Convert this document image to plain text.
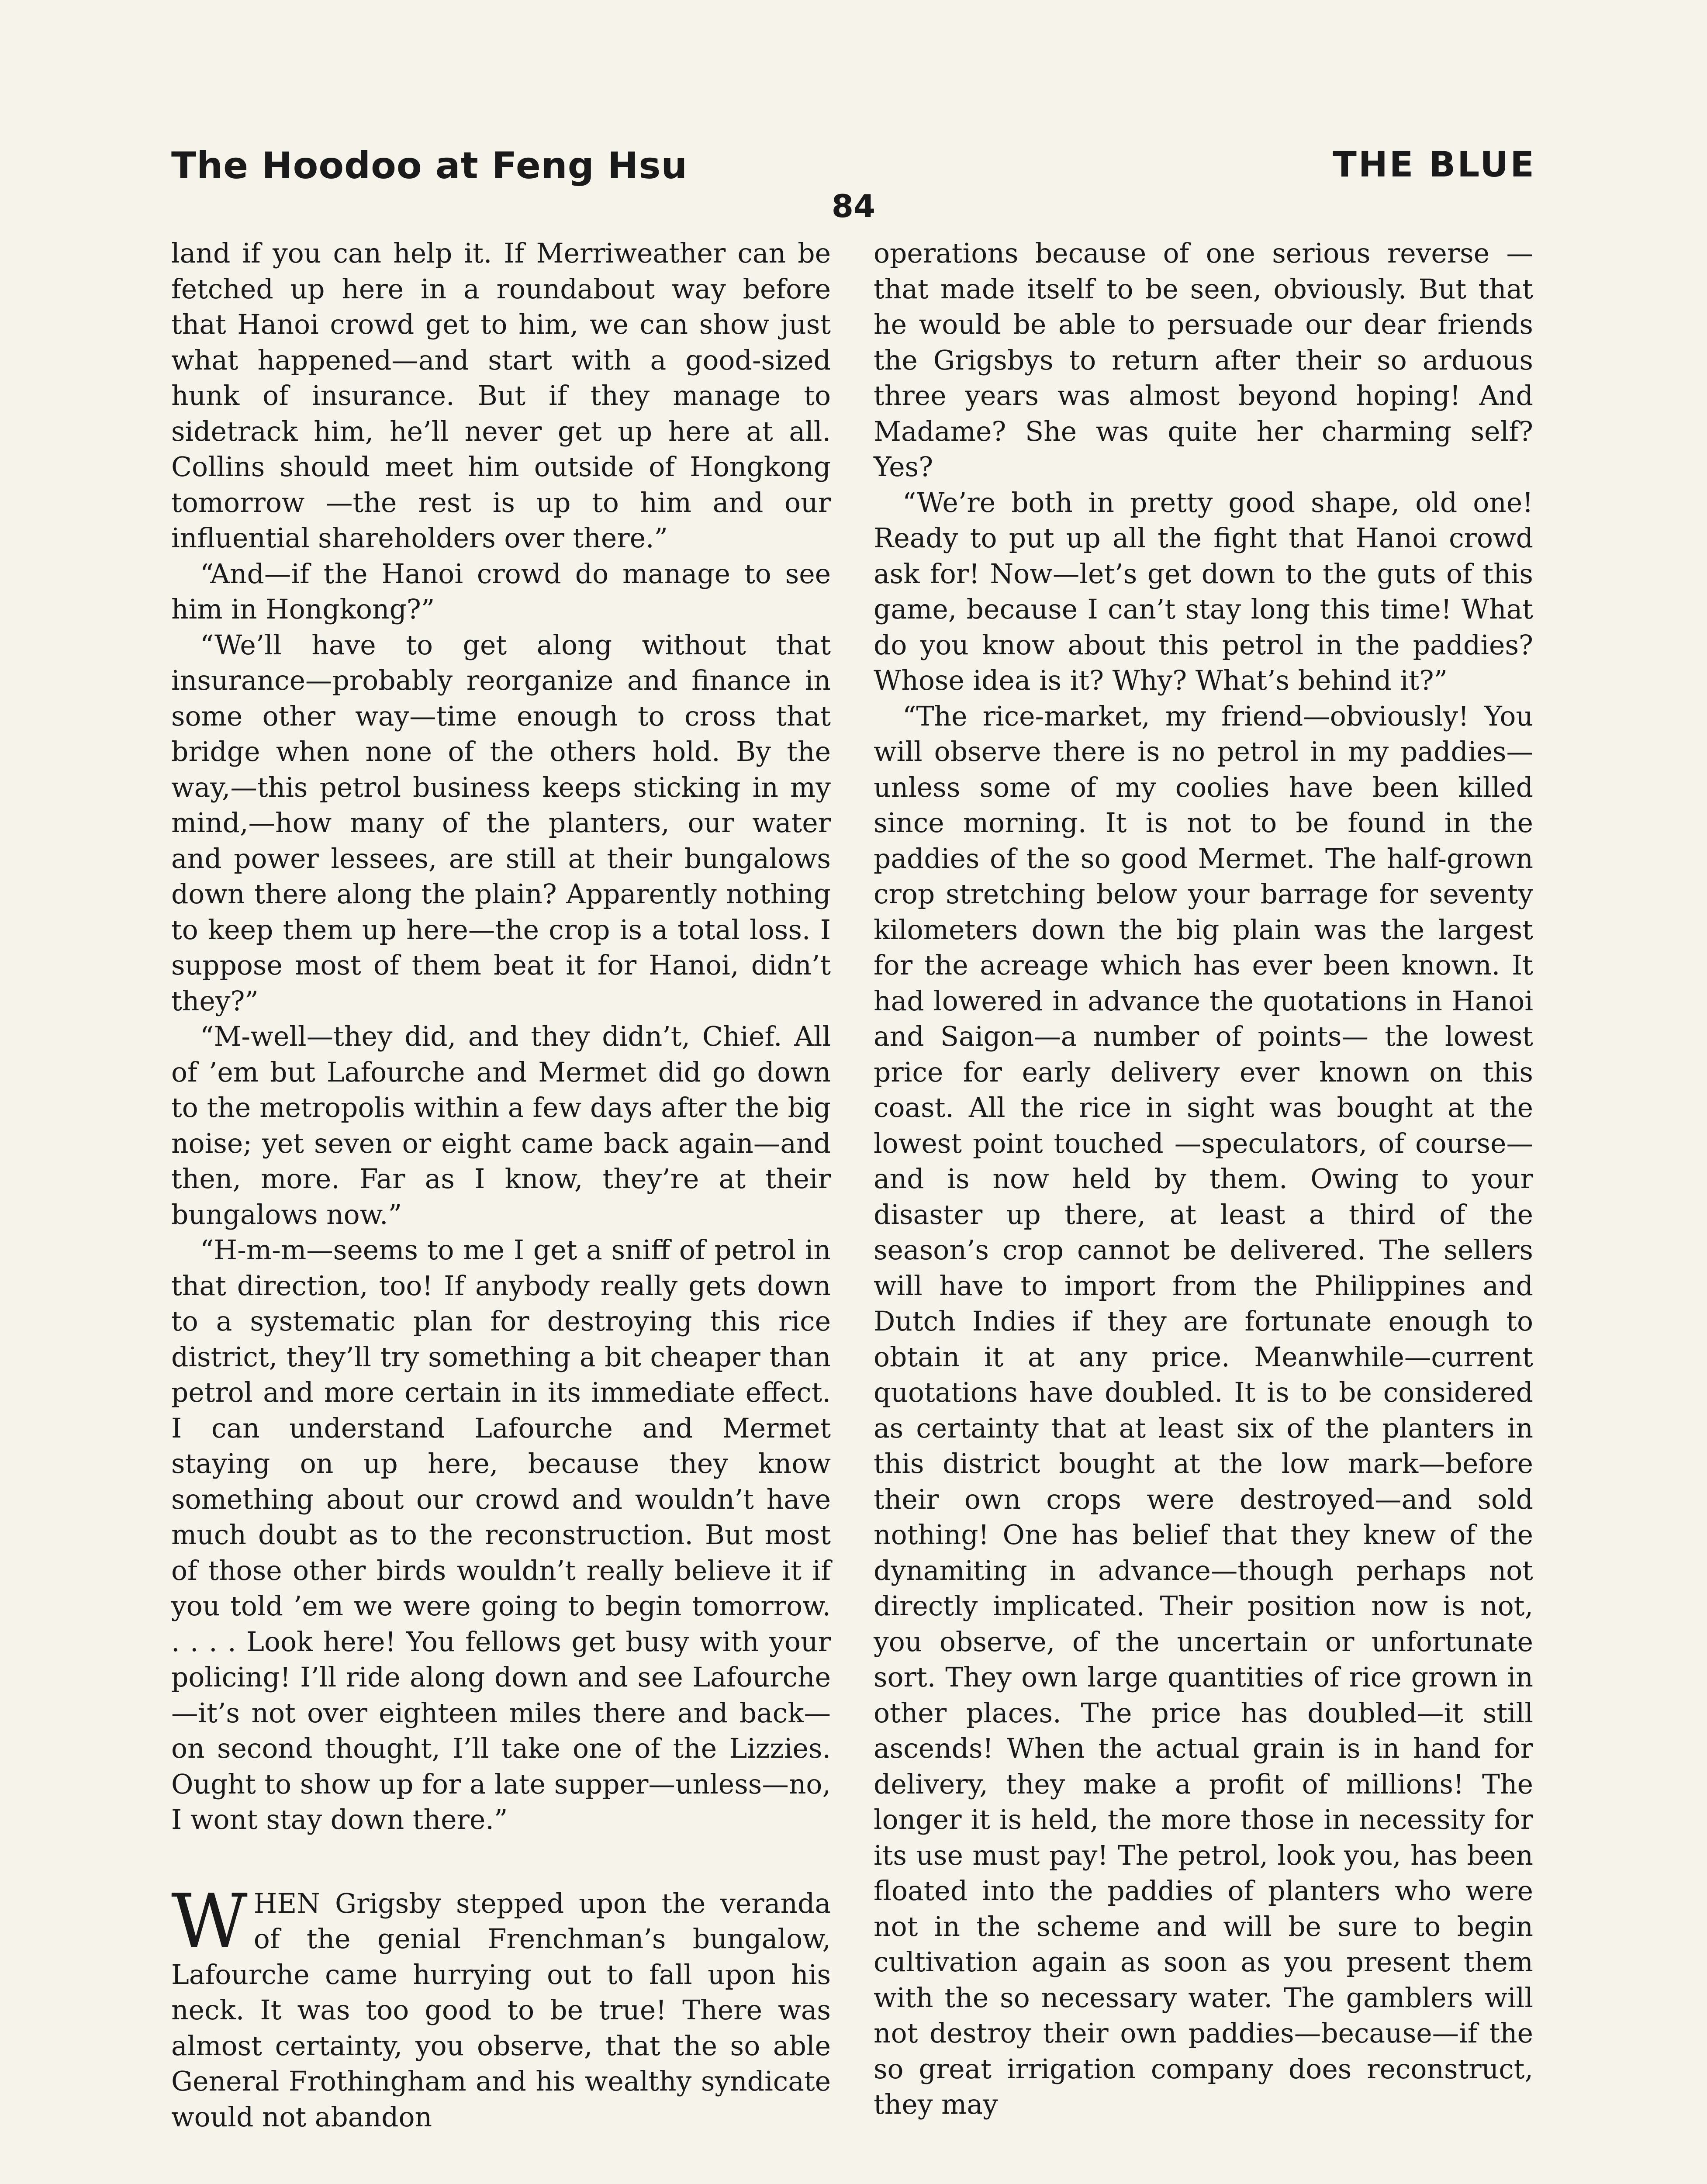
The Hoodoo at Feng Hsu	THE BLUE
84

land if you can help it. If Merriweather can be fetched up here in a roundabout way before that Hanoi crowd get to him, we can show just what happened—and start with a good-sized hunk of insurance. But if they manage to sidetrack him, he’ll never get up here at all. Collins should meet him outside of Hongkong tomorrow —the rest is up to him and our influential shareholders over there.”

“And—if the Hanoi crowd do manage to see him in Hongkong?”

“We’ll have to get along without that insurance—probably reorganize and finance in some other way—time enough to cross that bridge when none of the others hold. By the way,—this petrol business keeps sticking in my mind,—how many of the planters, our water and power lessees, are still at their bungalows down there along the plain? Apparently nothing to keep them up here—the crop is a total loss. I suppose most of them beat it for Hanoi, didn’t they?”

“M-well—they did, and they didn’t, Chief. All of ’em but Lafourche and Mermet did go down to the metropolis within a few days after the big noise; yet seven or eight came back again—and then, more. Far as I know, they’re at their bungalows now.”

“H-m-m—seems to me I get a sniff of petrol in that direction, too! If anybody really gets down to a systematic plan for destroying this rice district, they’ll try something a bit cheaper than petrol and more certain in its immediate effect. I can understand Lafourche and Mermet staying on up here, because they know something about our crowd and wouldn’t have much doubt as to the reconstruction. But most of those other birds wouldn’t really believe it if you told ’em we were going to begin tomorrow. . . . . Look here! You fellows get busy with your policing! I’ll ride along down and see Lafourche—it’s not over eighteen miles there and back—on second thought, I’ll take one of the Lizzies. Ought to show up for a late supper—unless—no, I wont stay down there.”

WHEN Grigsby stepped upon the veranda of the genial Frenchman’s bungalow, Lafourche came hurrying out to fall upon his neck. It was too good to be true! There was almost certainty, you observe, that the so able General Frothingham and his wealthy syndicate would not abandon

operations because of one serious reverse —that made itself to be seen, obviously. But that he would be able to persuade our dear friends the Grigsbys to return after their so arduous three years was almost beyond hoping! And Madame? She was quite her charming self? Yes?

“We’re both in pretty good shape, old one! Ready to put up all the fight that Hanoi crowd ask for! Now—let’s get down to the guts of this game, because I can’t stay long this time! What do you know about this petrol in the paddies? Whose idea is it? Why? What’s behind it?”

“The rice-market, my friend—obviously! You will observe there is no petrol in my paddies—unless some of my coolies have been killed since morning. It is not to be found in the paddies of the so good Mermet. The half-grown crop stretching below your barrage for seventy kilometers down the big plain was the largest for the acreage which has ever been known. It had lowered in advance the quotations in Hanoi and Saigon—a number of points— the lowest price for early delivery ever known on this coast. All the rice in sight was bought at the lowest point touched —speculators, of course—and is now held by them. Owing to your disaster up there, at least a third of the season’s crop cannot be delivered. The sellers will have to import from the Philippines and Dutch Indies if they are fortunate enough to obtain it at any price. Meanwhile—current quotations have doubled. It is to be considered as certainty that at least six of the planters in this district bought at the low mark—before their own crops were destroyed—and sold nothing! One has belief that they knew of the dynamiting in advance—though perhaps not directly implicated. Their position now is not, you observe, of the uncertain or unfortunate sort. They own large quantities of rice grown in other places. The price has doubled—it still ascends! When the actual grain is in hand for delivery, they make a profit of millions! The longer it is held, the more those in necessity for its use must pay! The petrol, look you, has been floated into the paddies of planters who were not in the scheme and will be sure to begin cultivation again as soon as you present them with the so necessary water. The gamblers will not destroy their own paddies—because—if the so great irrigation company does reconstruct, they may
